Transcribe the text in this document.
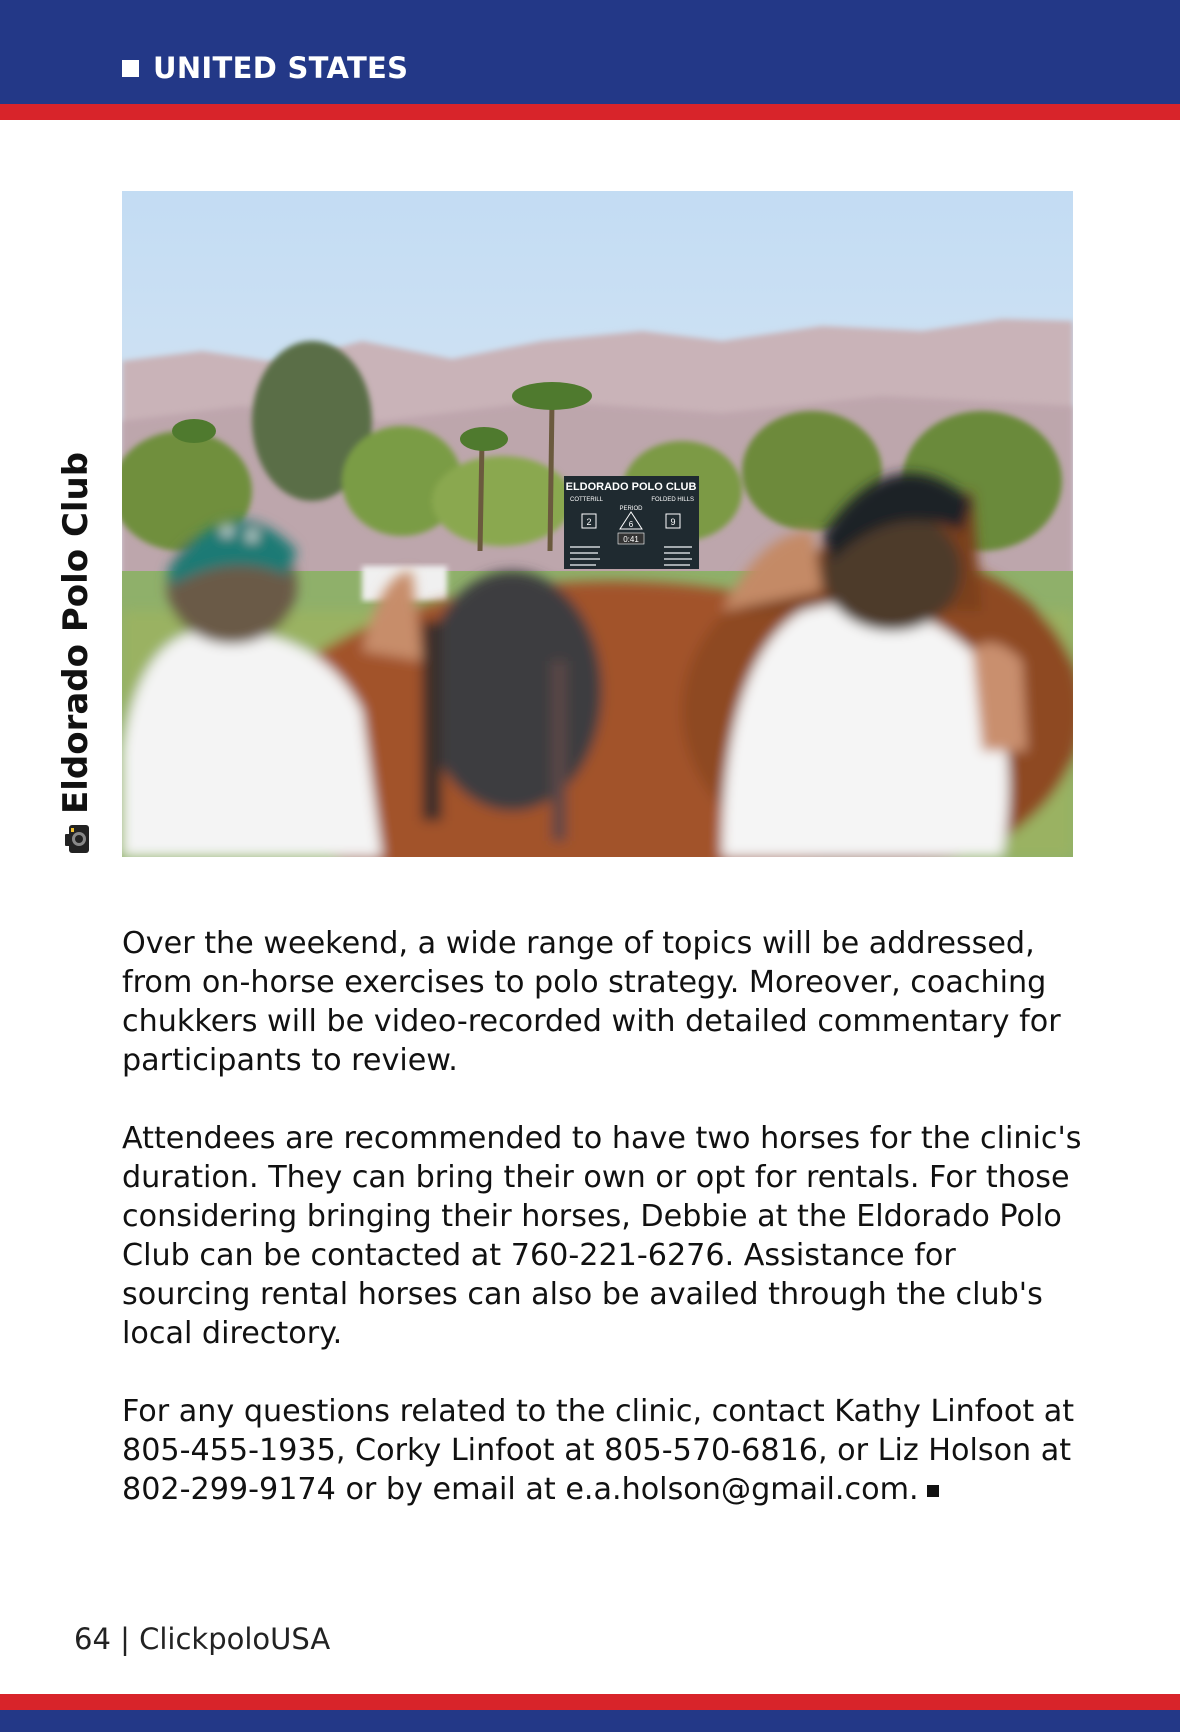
UNITED STATES
ELDORADO POLO CLUB
COTTERILL	FOLDED HILLS
PERIOD
2	6	9
0:41
Eldorado Polo Club

Over the weekend, a wide range of topics will be addressed, from on-horse exercises to polo strategy. Moreover, coaching chukkers will be video-recorded with detailed commentary for participants to review.

Attendees are recommended to have two horses for the clinic's duration. They can bring their own or opt for rentals. For those considering bringing their horses, Debbie at the Eldorado Polo Club can be contacted at 760-221-6276. Assistance for sourcing rental horses can also be availed through the club's local directory.

For any questions related to the clinic, contact Kathy Linfoot at 805-455-1935, Corky Linfoot at 805-570-6816, or Liz Holson at 802-299-9174 or by email at e.a.holson@gmail.com.

64 | ClickpoloUSA
